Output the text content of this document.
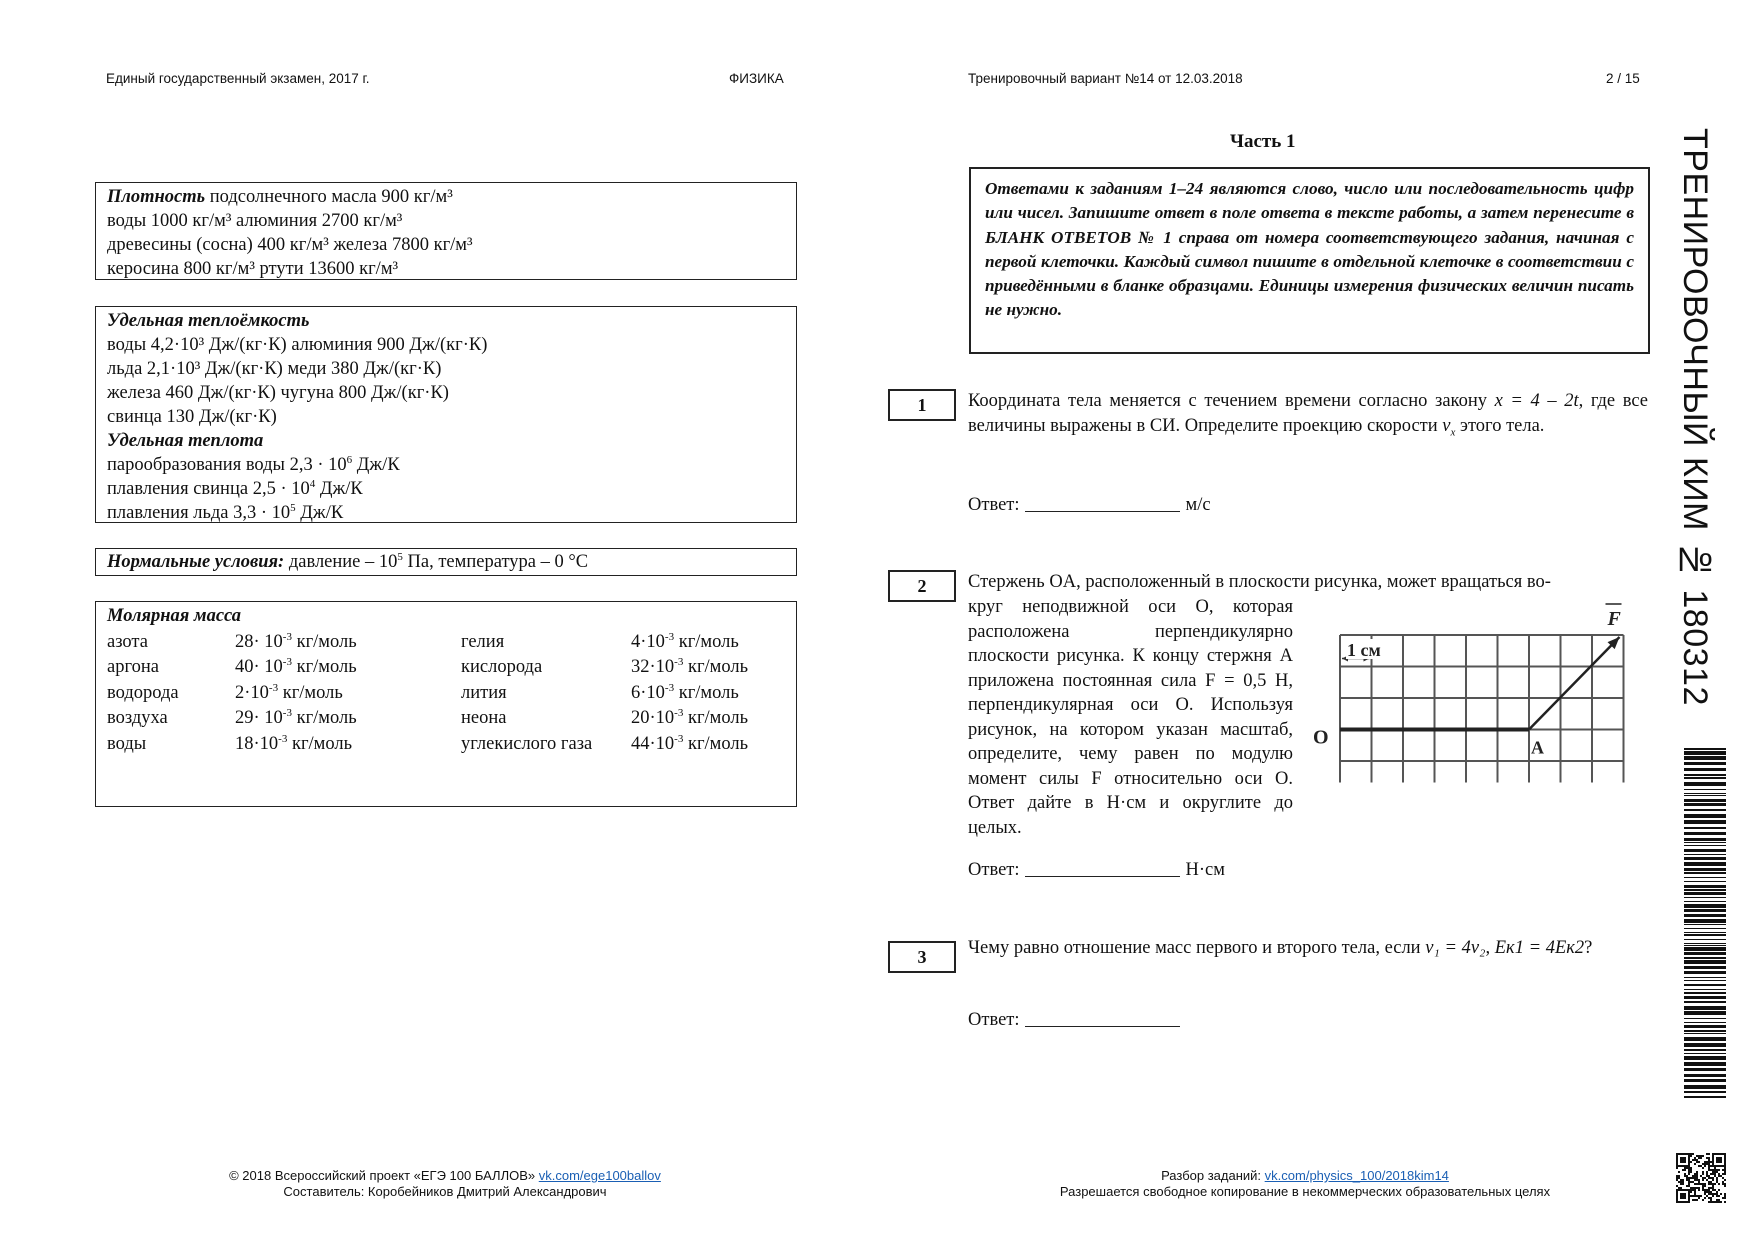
Единый государственный экзамен, 2017 г.	ФИЗИКА	Тренировочный вариант №14 от 12.03.2018	2 / 15
Плотность подсолнечного масла 900 кг/м³
воды 1000 кг/м³ алюминия 2700 кг/м³
древесины (сосна) 400 кг/м³ железа 7800 кг/м³
керосина 800 кг/м³ ртути 13600 кг/м³
Удельная теплоёмкость
воды 4,2·10³ Дж/(кг·К) алюминия 900 Дж/(кг·К)
льда 2,1·10³ Дж/(кг·К) меди 380 Дж/(кг·К)
железа 460 Дж/(кг·К) чугуна 800 Дж/(кг·К)
свинца 130 Дж/(кг·К)
Удельная теплота
парообразования воды $2,3 \cdot 10^6$ Дж/К
плавления свинца $2,5 \cdot 10^4$ Дж/К
плавления льда $3,3 \cdot 10^5$ Дж/К
Нормальные условия: давление – $10^5$ Па, температура – 0 °С
Молярная масса
азота	$28\cdot 10^{-3}$ кг/моль	гелия	$4\cdot 10^{-3}$ кг/моль
аргона	$40\cdot 10^{-3}$ кг/моль	кислорода	$32\cdot 10^{-3}$ кг/моль
водорода	$2\cdot 10^{-3}$ кг/моль	лития	$6\cdot 10^{-3}$ кг/моль
воздуха	$29\cdot 10^{-3}$ кг/моль	неона	$20\cdot 10^{-3}$ кг/моль
воды	$18\cdot 10^{-3}$ кг/моль	углекислого газа	$44\cdot 10^{-3}$ кг/моль
Часть 1
Ответами к заданиям 1–24 являются слово, число или последовательность цифр или чисел. Запишите ответ в поле ответа в тексте работы, а затем перенесите в БЛАНК ОТВЕТОВ № 1 справа от номера соответствующего задания, начиная с первой клеточки. Каждый символ пишите в отдельной клеточке в соответствии с приведёнными в бланке образцами. Единицы измерения физических величин писать не нужно.
1	Координата тела меняется с течением времени согласно закону x = 4 – 2t, где все величины выражены в СИ. Определите проекцию скорости $v_x$ этого тела.
Ответ:	м/с
2	Стержень OA, расположенный в плоскости рисунка, может вращаться во-
круг неподвижной оси O, которая расположена перпендикулярно плоскости рисунка. К концу стержня A приложена постоянная сила F = 0,5 Н, перпендикулярная оси O. Используя рисунок, на котором указан масштаб, определите, чему равен по модулю момент силы F относительно оси O. Ответ дайте в Н·см и округлите до целых.
1 см
O	A
F
Ответ:	Н·см
3	Чему равно отношение масс первого и второго тела, если v₁ = 4v₂, Eк1 = 4Eк2?
Ответ:
ТРЕНИРОВОЧНЫЙ КИМ № 180312
© 2018 Всероссийский проект «ЕГЭ 100 БАЛЛОВ» vk.com/ege100ballov
Составитель: Коробейников Дмитрий Александрович
Разбор заданий: vk.com/physics_100/2018kim14
Разрешается свободное копирование в некоммерческих образовательных целях
